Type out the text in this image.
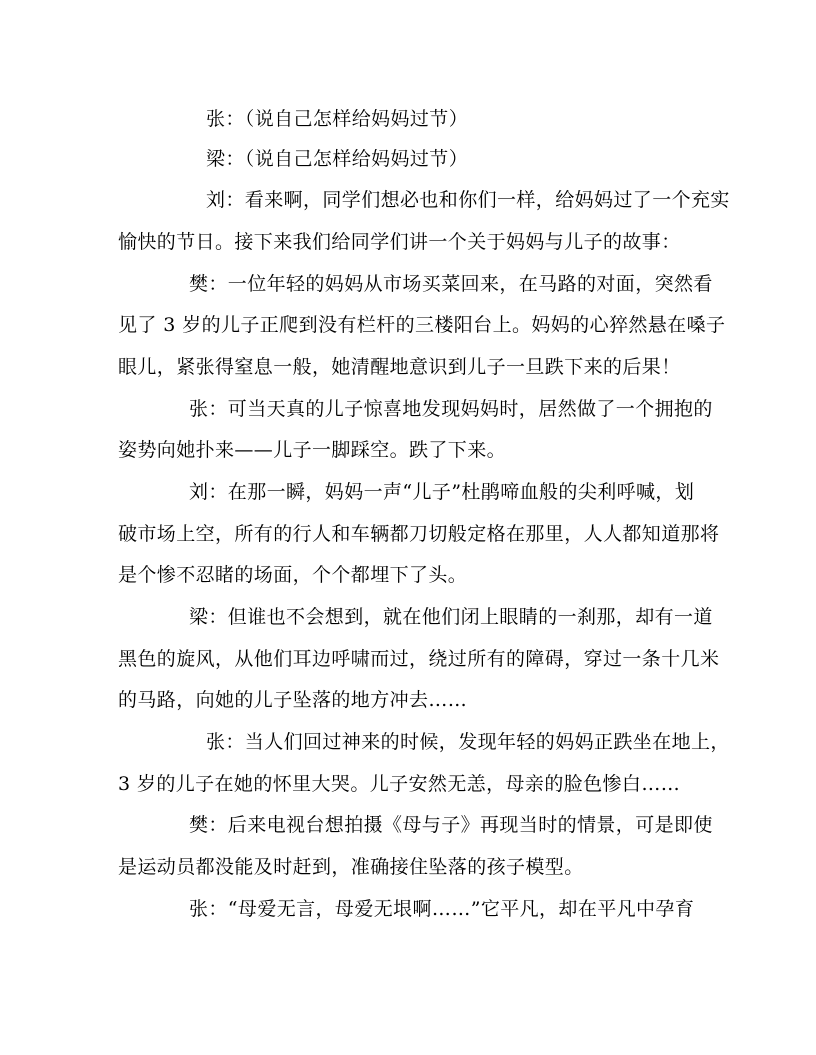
张：（说自己怎样给妈妈过节）
梁：（说自己怎样给妈妈过节）
刘：看来啊，同学们想必也和你们一样，给妈妈过了一个充实
愉快的节日。接下来我们给同学们讲一个关于妈妈与儿子的故事：
樊：一位年轻的妈妈从市场买菜回来，在马路的对面，突然看
见了 3 岁的儿子正爬到没有栏杆的三楼阳台上。妈妈的心猝然悬在嗓子
眼儿，紧张得窒息一般，她清醒地意识到儿子一旦跌下来的后果！
张：可当天真的儿子惊喜地发现妈妈时，居然做了一个拥抱的
姿势向她扑来——儿子一脚踩空。跌了下来。
刘：在那一瞬，妈妈一声“儿子”杜鹃啼血般的尖利呼喊，划
破市场上空，所有的行人和车辆都刀切般定格在那里，人人都知道那将
是个惨不忍睹的场面，个个都埋下了头。
梁：但谁也不会想到，就在他们闭上眼睛的一刹那，却有一道
黑色的旋风，从他们耳边呼啸而过，绕过所有的障碍，穿过一条十几米
的马路，向她的儿子坠落的地方冲去……
张：当人们回过神来的时候，发现年轻的妈妈正跌坐在地上，
3 岁的儿子在她的怀里大哭。儿子安然无恙，母亲的脸色惨白……
樊：后来电视台想拍摄《母与子》再现当时的情景，可是即使
是运动员都没能及时赶到，准确接住坠落的孩子模型。
张：“母爱无言，母爱无垠啊……”它平凡，却在平凡中孕育
